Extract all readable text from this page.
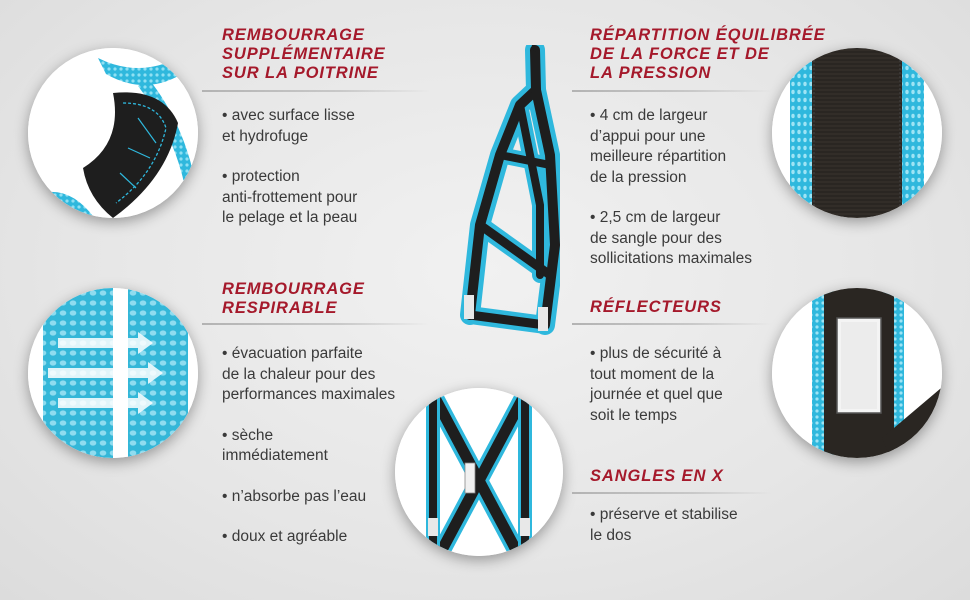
REMBOURRAGE
SUPPLÉMENTAIRE
SUR LA POITRINE

• avec surface lisse
et hydrofuge

• protection
anti-frottement pour
le pelage et la peau

REMBOURRAGE
RESPIRABLE

• évacuation parfaite
de la chaleur pour des
performances maximales

• sèche
immédiatement

• n’absorbe pas l’eau

• doux et agréable

RÉPARTITION ÉQUILIBRÉE
DE LA FORCE ET DE
LA PRESSION

• 4 cm de largeur
d’appui pour une
meilleure répartition
de la pression

• 2,5 cm de largeur
de sangle pour des
sollicitations maximales

RÉFLECTEURS

• plus de sécurité à
tout moment de la
journée et quel que
soit le temps

SANGLES EN X

• préserve et stabilise
le dos
